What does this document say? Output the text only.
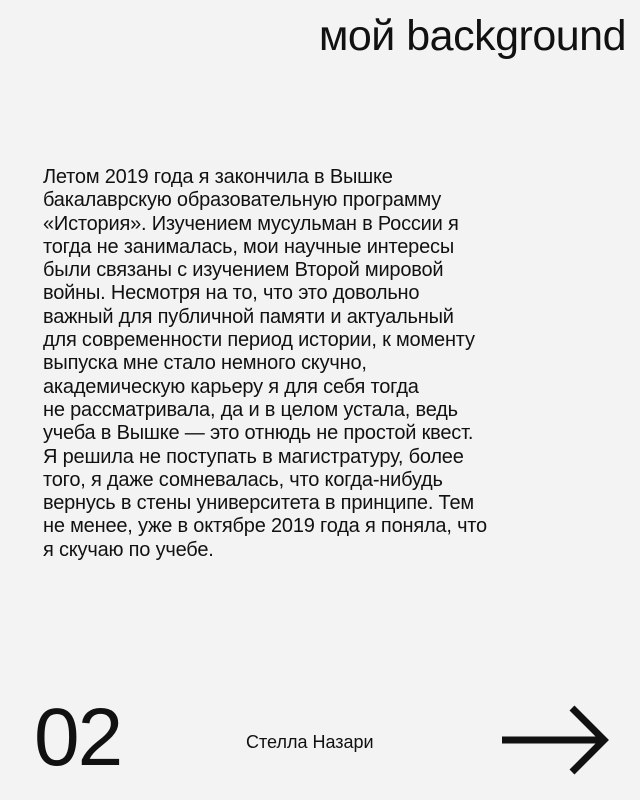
мой background

Летом 2019 года я закончила в Вышке
бакалаврскую образовательную программу
«История». Изучением мусульман в России я
тогда не занималась, мои научные интересы
были связаны с изучением Второй мировой
войны. Несмотря на то, что это довольно
важный для публичной памяти и актуальный
для современности период истории, к моменту
выпуска мне стало немного скучно,
академическую карьеру я для себя тогда
не рассматривала, да и в целом устала, ведь
учеба в Вышке — это отнюдь не простой квест.
Я решила не поступать в магистратуру, более
того, я даже сомневалась, что когда-нибудь
вернусь в стены университета в принципе. Тем
не менее, уже в октябре 2019 года я поняла, что
я скучаю по учебе.

02	Стелла Назари
